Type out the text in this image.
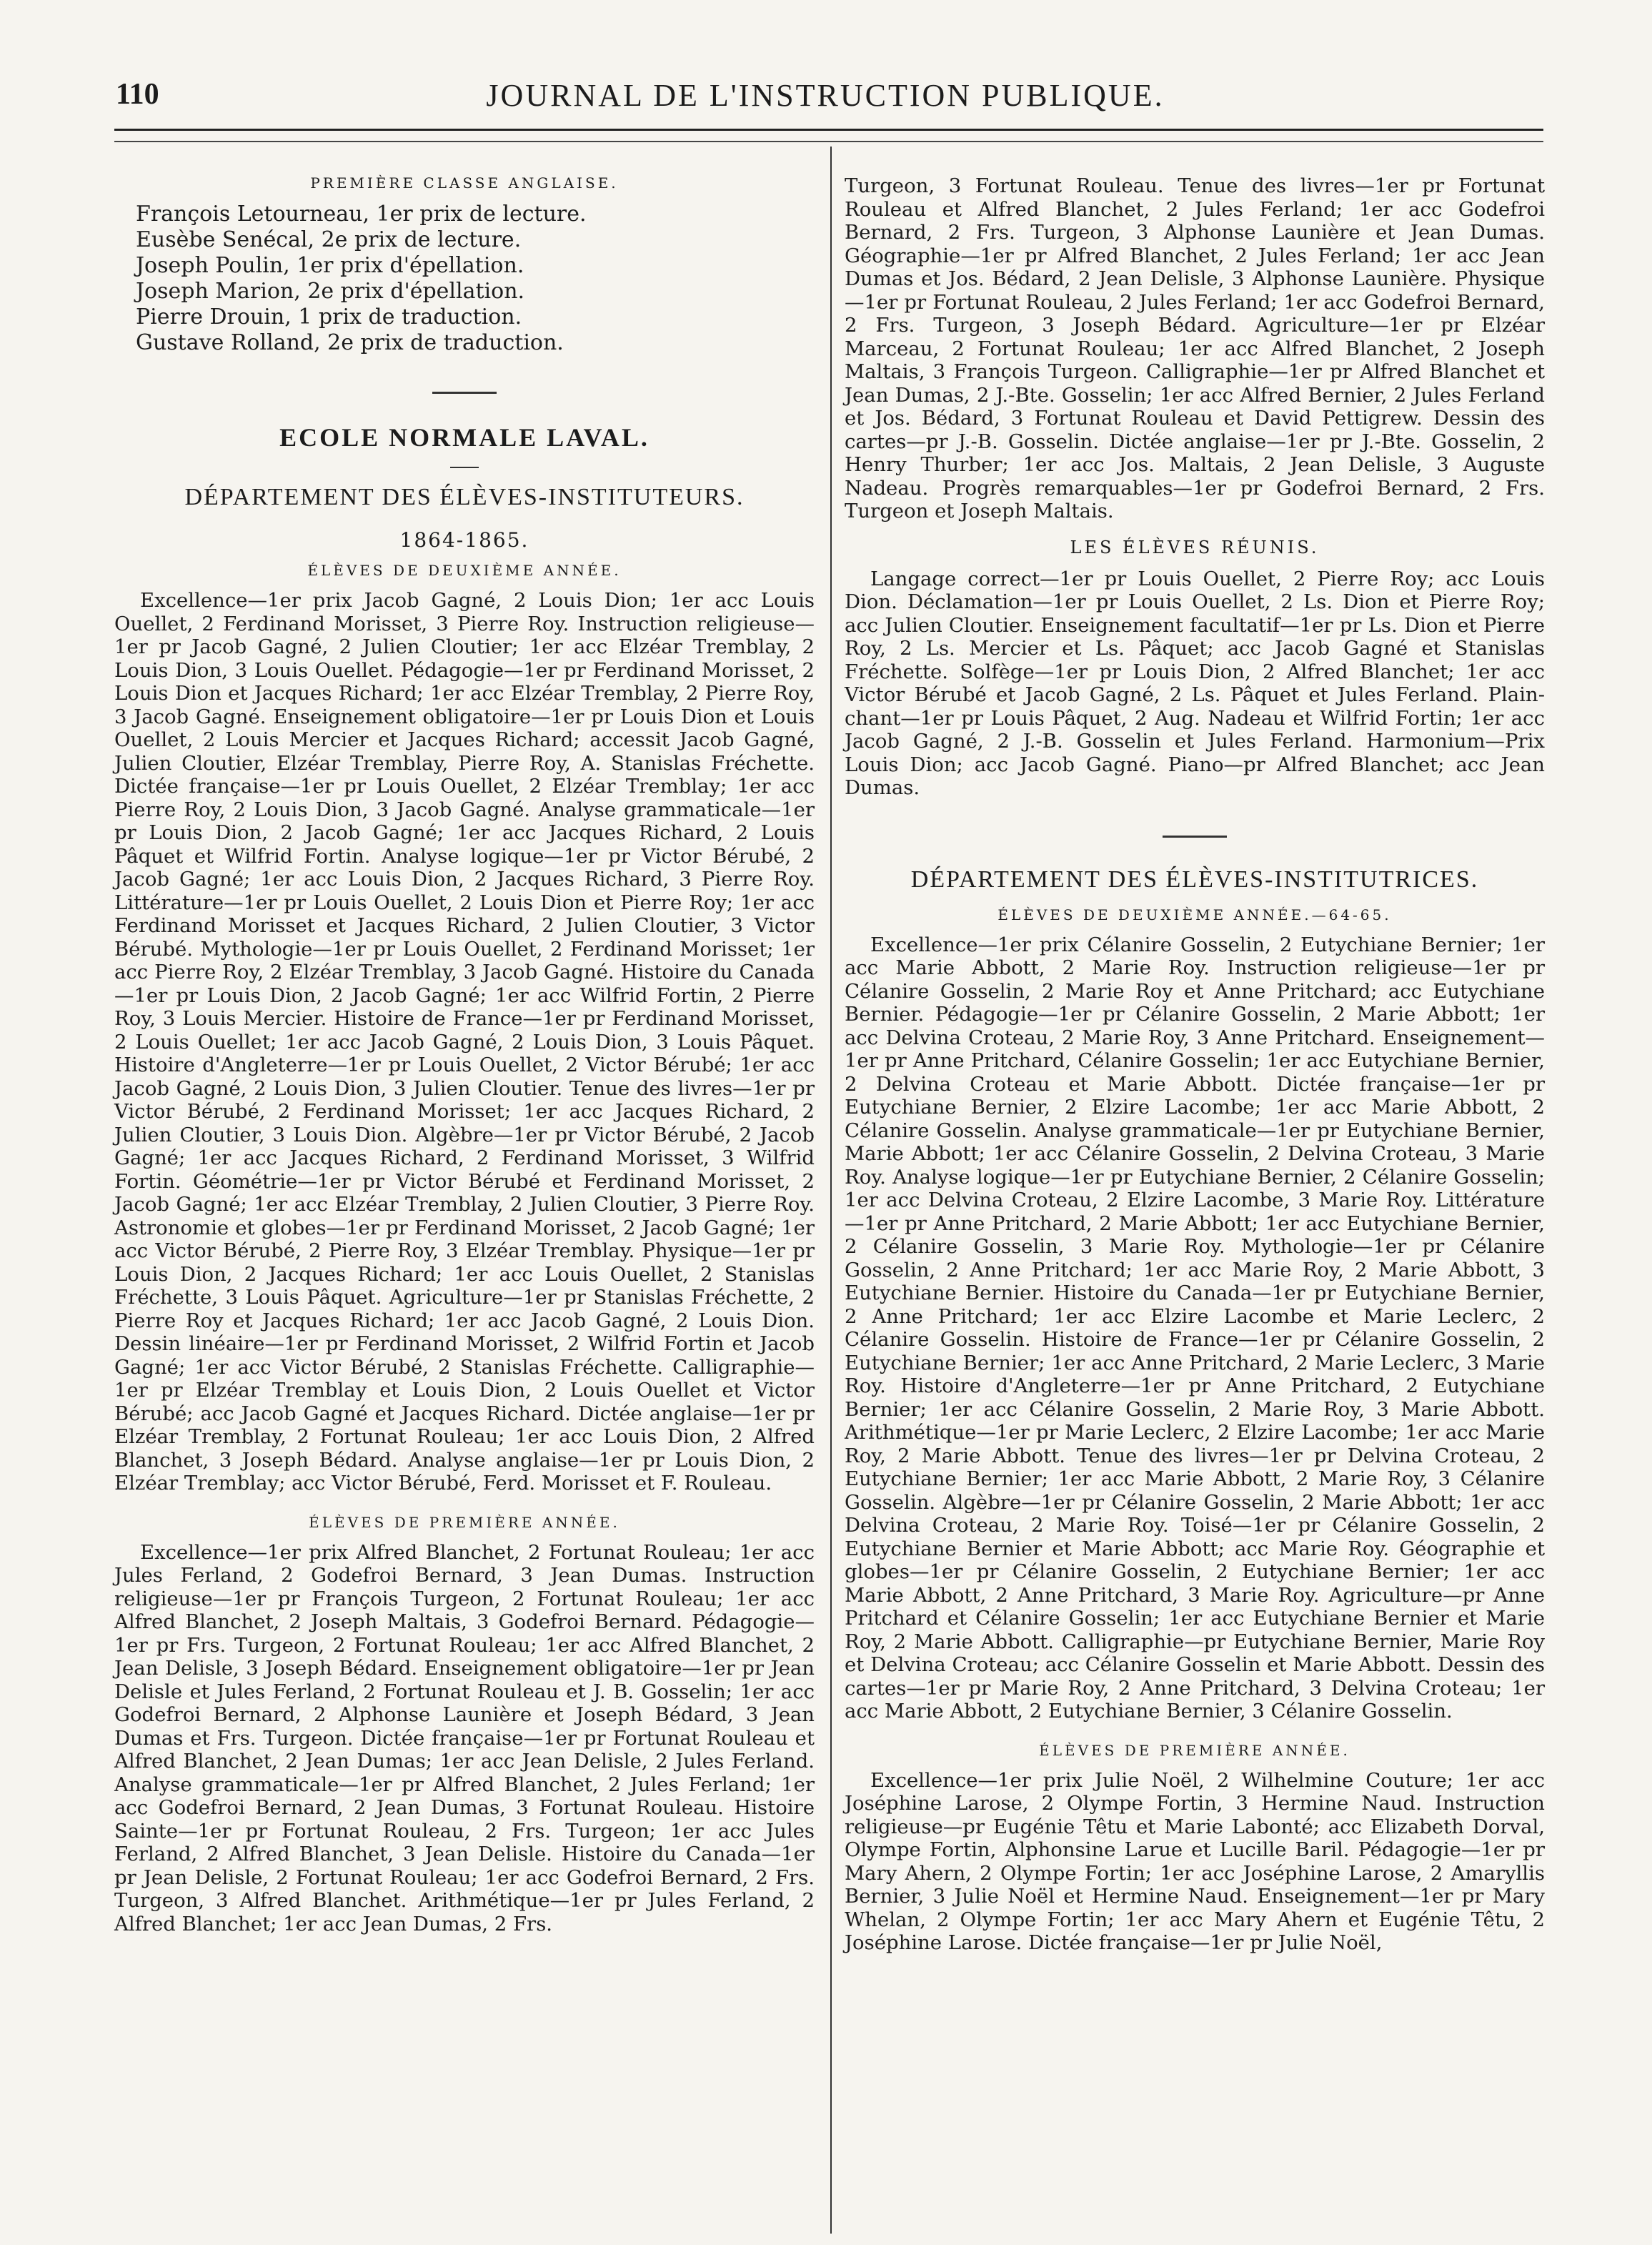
110	JOURNAL DE L'INSTRUCTION PUBLIQUE.
PREMIÈRE CLASSE ANGLAISE.
François Letourneau, 1er prix de lecture.
Eusèbe Senécal, 2e prix de lecture.
Joseph Poulin, 1er prix d'épellation.
Joseph Marion, 2e prix d'épellation.
Pierre Drouin, 1 prix de traduction.
Gustave Rolland, 2e prix de traduction.
ECOLE NORMALE LAVAL.
DÉPARTEMENT DES ÉLÈVES-INSTITUTEURS.
1864-1865.
ÉLÈVES DE DEUXIÈME ANNÉE.

Excellence—1er prix Jacob Gagné, 2 Louis Dion; 1er acc Louis Ouellet, 2 Ferdinand Morisset, 3 Pierre Roy. Instruction religieuse—1er pr Jacob Gagné, 2 Julien Cloutier; 1er acc Elzéar Tremblay, 2 Louis Dion, 3 Louis Ouellet. Pédagogie—1er pr Ferdinand Morisset, 2 Louis Dion et Jacques Richard; 1er acc Elzéar Tremblay, 2 Pierre Roy, 3 Jacob Gagné. Enseignement obligatoire—1er pr Louis Dion et Louis Ouellet, 2 Louis Mercier et Jacques Richard; accessit Jacob Gagné, Julien Cloutier, Elzéar Tremblay, Pierre Roy, A. Stanislas Fréchette. Dictée française—1er pr Louis Ouellet, 2 Elzéar Tremblay; 1er acc Pierre Roy, 2 Louis Dion, 3 Jacob Gagné. Analyse grammaticale—1er pr Louis Dion, 2 Jacob Gagné; 1er acc Jacques Richard, 2 Louis Pâquet et Wilfrid Fortin. Analyse logique—1er pr Victor Bérubé, 2 Jacob Gagné; 1er acc Louis Dion, 2 Jacques Richard, 3 Pierre Roy. Littérature—1er pr Louis Ouellet, 2 Louis Dion et Pierre Roy; 1er acc Ferdinand Morisset et Jacques Richard, 2 Julien Cloutier, 3 Victor Bérubé. Mythologie—1er pr Louis Ouellet, 2 Ferdinand Morisset; 1er acc Pierre Roy, 2 Elzéar Tremblay, 3 Jacob Gagné. Histoire du Canada—1er pr Louis Dion, 2 Jacob Gagné; 1er acc Wilfrid Fortin, 2 Pierre Roy, 3 Louis Mercier. Histoire de France—1er pr Ferdinand Morisset, 2 Louis Ouellet; 1er acc Jacob Gagné, 2 Louis Dion, 3 Louis Pâquet. Histoire d'Angleterre—1er pr Louis Ouellet, 2 Victor Bérubé; 1er acc Jacob Gagné, 2 Louis Dion, 3 Julien Cloutier. Tenue des livres—1er pr Victor Bérubé, 2 Ferdinand Morisset; 1er acc Jacques Richard, 2 Julien Cloutier, 3 Louis Dion. Algèbre—1er pr Victor Bérubé, 2 Jacob Gagné; 1er acc Jacques Richard, 2 Ferdinand Morisset, 3 Wilfrid Fortin. Géométrie—1er pr Victor Bérubé et Ferdinand Morisset, 2 Jacob Gagné; 1er acc Elzéar Tremblay, 2 Julien Cloutier, 3 Pierre Roy. Astronomie et globes—1er pr Ferdinand Morisset, 2 Jacob Gagné; 1er acc Victor Bérubé, 2 Pierre Roy, 3 Elzéar Tremblay. Physique—1er pr Louis Dion, 2 Jacques Richard; 1er acc Louis Ouellet, 2 Stanislas Fréchette, 3 Louis Pâquet. Agriculture—1er pr Stanislas Fréchette, 2 Pierre Roy et Jacques Richard; 1er acc Jacob Gagné, 2 Louis Dion. Dessin linéaire—1er pr Ferdinand Morisset, 2 Wilfrid Fortin et Jacob Gagné; 1er acc Victor Bérubé, 2 Stanislas Fréchette. Calligraphie—1er pr Elzéar Tremblay et Louis Dion, 2 Louis Ouellet et Victor Bérubé; acc Jacob Gagné et Jacques Richard. Dictée anglaise—1er pr Elzéar Tremblay, 2 Fortunat Rouleau; 1er acc Louis Dion, 2 Alfred Blanchet, 3 Joseph Bédard. Analyse anglaise—1er pr Louis Dion, 2 Elzéar Tremblay; acc Victor Bérubé, Ferd. Morisset et F. Rouleau.

ÉLÈVES DE PREMIÈRE ANNÉE.

Excellence—1er prix Alfred Blanchet, 2 Fortunat Rouleau; 1er acc Jules Ferland, 2 Godefroi Bernard, 3 Jean Dumas. Instruction religieuse—1er pr François Turgeon, 2 Fortunat Rouleau; 1er acc Alfred Blanchet, 2 Joseph Maltais, 3 Godefroi Bernard. Pédagogie—1er pr Frs. Turgeon, 2 Fortunat Rouleau; 1er acc Alfred Blanchet, 2 Jean Delisle, 3 Joseph Bédard. Enseignement obligatoire—1er pr Jean Delisle et Jules Ferland, 2 Fortunat Rouleau et J. B. Gosselin; 1er acc Godefroi Bernard, 2 Alphonse Launière et Joseph Bédard, 3 Jean Dumas et Frs. Turgeon. Dictée française—1er pr Fortunat Rouleau et Alfred Blanchet, 2 Jean Dumas; 1er acc Jean Delisle, 2 Jules Ferland. Analyse grammaticale—1er pr Alfred Blanchet, 2 Jules Ferland; 1er acc Godefroi Bernard, 2 Jean Dumas, 3 Fortunat Rouleau. Histoire Sainte—1er pr Fortunat Rouleau, 2 Frs. Turgeon; 1er acc Jules Ferland, 2 Alfred Blanchet, 3 Jean Delisle. Histoire du Canada—1er pr Jean Delisle, 2 Fortunat Rouleau; 1er acc Godefroi Bernard, 2 Frs. Turgeon, 3 Alfred Blanchet. Arithmétique—1er pr Jules Ferland, 2 Alfred Blanchet; 1er acc Jean Dumas, 2 Frs.

Turgeon, 3 Fortunat Rouleau. Tenue des livres—1er pr Fortunat Rouleau et Alfred Blanchet, 2 Jules Ferland; 1er acc Godefroi Bernard, 2 Frs. Turgeon, 3 Alphonse Launière et Jean Dumas. Géographie—1er pr Alfred Blanchet, 2 Jules Ferland; 1er acc Jean Dumas et Jos. Bédard, 2 Jean Delisle, 3 Alphonse Launière. Physique—1er pr Fortunat Rouleau, 2 Jules Ferland; 1er acc Godefroi Bernard, 2 Frs. Turgeon, 3 Joseph Bédard. Agriculture—1er pr Elzéar Marceau, 2 Fortunat Rouleau; 1er acc Alfred Blanchet, 2 Joseph Maltais, 3 François Turgeon. Calligraphie—1er pr Alfred Blanchet et Jean Dumas, 2 J.-Bte. Gosselin; 1er acc Alfred Bernier, 2 Jules Ferland et Jos. Bédard, 3 Fortunat Rouleau et David Pettigrew. Dessin des cartes—pr J.-B. Gosselin. Dictée anglaise—1er pr J.-Bte. Gosselin, 2 Henry Thurber; 1er acc Jos. Maltais, 2 Jean Delisle, 3 Auguste Nadeau. Progrès remarquables—1er pr Godefroi Bernard, 2 Frs. Turgeon et Joseph Maltais.

LES ÉLÈVES RÉUNIS.

Langage correct—1er pr Louis Ouellet, 2 Pierre Roy; acc Louis Dion. Déclamation—1er pr Louis Ouellet, 2 Ls. Dion et Pierre Roy; acc Julien Cloutier. Enseignement facultatif—1er pr Ls. Dion et Pierre Roy, 2 Ls. Mercier et Ls. Pâquet; acc Jacob Gagné et Stanislas Fréchette. Solfège—1er pr Louis Dion, 2 Alfred Blanchet; 1er acc Victor Bérubé et Jacob Gagné, 2 Ls. Pâquet et Jules Ferland. Plain-chant—1er pr Louis Pâquet, 2 Aug. Nadeau et Wilfrid Fortin; 1er acc Jacob Gagné, 2 J.-B. Gosselin et Jules Ferland. Harmonium—Prix Louis Dion; acc Jacob Gagné. Piano—pr Alfred Blanchet; acc Jean Dumas.

DÉPARTEMENT DES ÉLÈVES-INSTITUTRICES.
ÉLÈVES DE DEUXIÈME ANNÉE.—64-65.

Excellence—1er prix Célanire Gosselin, 2 Eutychiane Bernier; 1er acc Marie Abbott, 2 Marie Roy. Instruction religieuse—1er pr Célanire Gosselin, 2 Marie Roy et Anne Pritchard; acc Eutychiane Bernier. Pédagogie—1er pr Célanire Gosselin, 2 Marie Abbott; 1er acc Delvina Croteau, 2 Marie Roy, 3 Anne Pritchard. Enseignement—1er pr Anne Pritchard, Célanire Gosselin; 1er acc Eutychiane Bernier, 2 Delvina Croteau et Marie Abbott. Dictée française—1er pr Eutychiane Bernier, 2 Elzire Lacombe; 1er acc Marie Abbott, 2 Célanire Gosselin. Analyse grammaticale—1er pr Eutychiane Bernier, Marie Abbott; 1er acc Célanire Gosselin, 2 Delvina Croteau, 3 Marie Roy. Analyse logique—1er pr Eutychiane Bernier, 2 Célanire Gosselin; 1er acc Delvina Croteau, 2 Elzire Lacombe, 3 Marie Roy. Littérature—1er pr Anne Pritchard, 2 Marie Abbott; 1er acc Eutychiane Bernier, 2 Célanire Gosselin, 3 Marie Roy. Mythologie—1er pr Célanire Gosselin, 2 Anne Pritchard; 1er acc Marie Roy, 2 Marie Abbott, 3 Eutychiane Bernier. Histoire du Canada—1er pr Eutychiane Bernier, 2 Anne Pritchard; 1er acc Elzire Lacombe et Marie Leclerc, 2 Célanire Gosselin. Histoire de France—1er pr Célanire Gosselin, 2 Eutychiane Bernier; 1er acc Anne Pritchard, 2 Marie Leclerc, 3 Marie Roy. Histoire d'Angleterre—1er pr Anne Pritchard, 2 Eutychiane Bernier; 1er acc Célanire Gosselin, 2 Marie Roy, 3 Marie Abbott. Arithmétique—1er pr Marie Leclerc, 2 Elzire Lacombe; 1er acc Marie Roy, 2 Marie Abbott. Tenue des livres—1er pr Delvina Croteau, 2 Eutychiane Bernier; 1er acc Marie Abbott, 2 Marie Roy, 3 Célanire Gosselin. Algèbre—1er pr Célanire Gosselin, 2 Marie Abbott; 1er acc Delvina Croteau, 2 Marie Roy. Toisé—1er pr Célanire Gosselin, 2 Eutychiane Bernier et Marie Abbott; acc Marie Roy. Géographie et globes—1er pr Célanire Gosselin, 2 Eutychiane Bernier; 1er acc Marie Abbott, 2 Anne Pritchard, 3 Marie Roy. Agriculture—pr Anne Pritchard et Célanire Gosselin; 1er acc Eutychiane Bernier et Marie Roy, 2 Marie Abbott. Calligraphie—pr Eutychiane Bernier, Marie Roy et Delvina Croteau; acc Célanire Gosselin et Marie Abbott. Dessin des cartes—1er pr Marie Roy, 2 Anne Pritchard, 3 Delvina Croteau; 1er acc Marie Abbott, 2 Eutychiane Bernier, 3 Célanire Gosselin.

ÉLÈVES DE PREMIÈRE ANNÉE.

Excellence—1er prix Julie Noël, 2 Wilhelmine Couture; 1er acc Joséphine Larose, 2 Olympe Fortin, 3 Hermine Naud. Instruction religieuse—pr Eugénie Têtu et Marie Labonté; acc Elizabeth Dorval, Olympe Fortin, Alphonsine Larue et Lucille Baril. Pédagogie—1er pr Mary Ahern, 2 Olympe Fortin; 1er acc Joséphine Larose, 2 Amaryllis Bernier, 3 Julie Noël et Hermine Naud. Enseignement—1er pr Mary Whelan, 2 Olympe Fortin; 1er acc Mary Ahern et Eugénie Têtu, 2 Joséphine Larose. Dictée française—1er pr Julie Noël,
